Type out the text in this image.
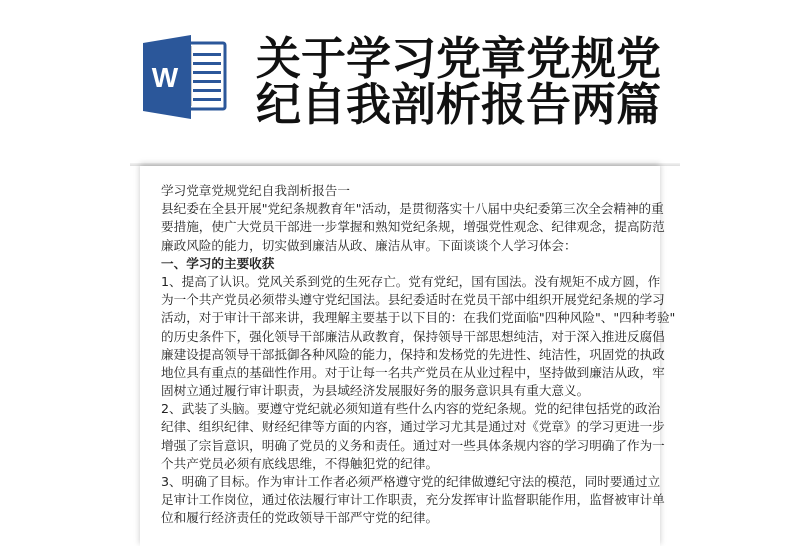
W 关于学习党章党规党
纪自我剖析报告两篇
学习党章党规党纪自我剖析报告一
县纪委在全县开展"党纪条规教育年"活动，是贯彻落实十八届中央纪委第三次全会精神的重
要措施，使广大党员干部进一步掌握和熟知党纪条规，增强党性观念、纪律观念，提高防范
廉政风险的能力，切实做到廉洁从政、廉洁从审。下面谈谈个人学习体会：
一、学习的主要收获
1、提高了认识。党风关系到党的生死存亡。党有党纪，国有国法。没有规矩不成方圆，作
为一个共产党员必须带头遵守党纪国法。县纪委适时在党员干部中组织开展党纪条规的学习
活动，对于审计干部来讲，我理解主要基于以下目的：在我们党面临"四种风险"、"四种考验"
的历史条件下，强化领导干部廉洁从政教育，保持领导干部思想纯洁，对于深入推进反腐倡
廉建设提高领导干部抵御各种风险的能力，保持和发杨党的先进性、纯洁性，巩固党的执政
地位具有重点的基础性作用。对于让每一名共产党员在从业过程中，坚持做到廉洁从政，牢
固树立通过履行审计职责，为县域经济发展服好务的服务意识具有重大意义。
2、武装了头脑。要遵守党纪就必须知道有些什么内容的党纪条规。党的纪律包括党的政治
纪律、组织纪律、财经纪律等方面的内容，通过学习尤其是通过对《党章》的学习更进一步
增强了宗旨意识，明确了党员的义务和责任。通过对一些具体条规内容的学习明确了作为一
个共产党员必须有底线思维，不得触犯党的纪律。
3、明确了目标。作为审计工作者必须严格遵守党的纪律做遵纪守法的模范，同时要通过立
足审计工作岗位，通过依法履行审计工作职责，充分发挥审计监督职能作用，监督被审计单
位和履行经济责任的党政领导干部严守党的纪律。
